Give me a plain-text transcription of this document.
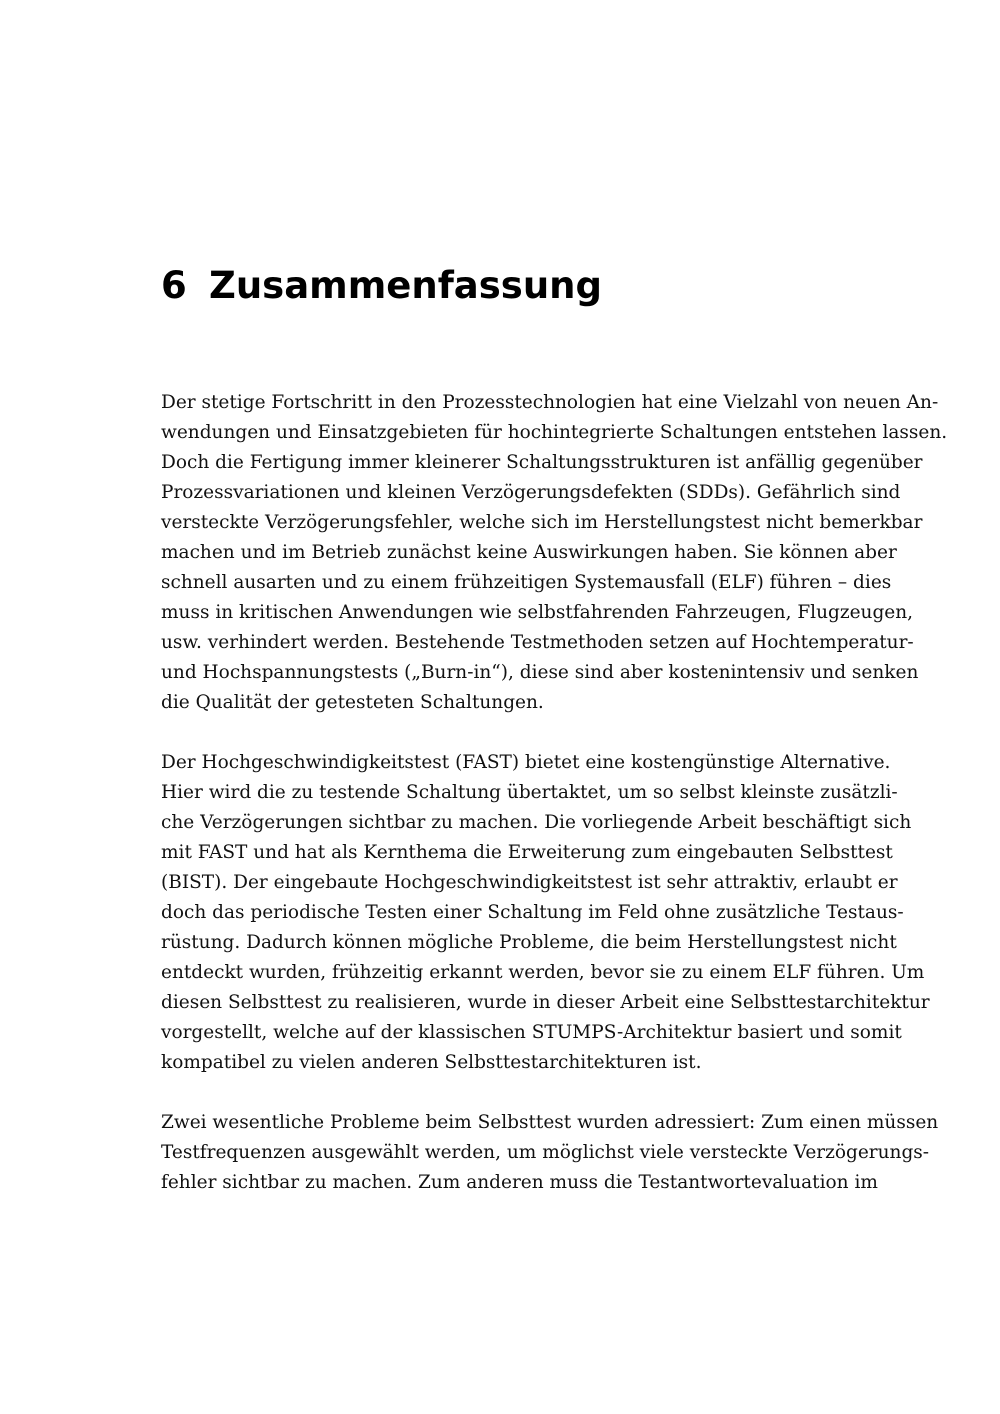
6 Zusammenfassung
Der stetige Fortschritt in den Prozesstechnologien hat eine Vielzahl von neuen An-
wendungen und Einsatzgebieten für hochintegrierte Schaltungen entstehen lassen.
Doch die Fertigung immer kleinerer Schaltungsstrukturen ist anfällig gegenüber
Prozessvariationen und kleinen Verzögerungsdefekten (SDDs). Gefährlich sind
versteckte Verzögerungsfehler, welche sich im Herstellungstest nicht bemerkbar
machen und im Betrieb zunächst keine Auswirkungen haben. Sie können aber
schnell ausarten und zu einem frühzeitigen Systemausfall (ELF) führen – dies
muss in kritischen Anwendungen wie selbstfahrenden Fahrzeugen, Flugzeugen,
usw. verhindert werden. Bestehende Testmethoden setzen auf Hochtemperatur-
und Hochspannungstests („Burn-in“), diese sind aber kostenintensiv und senken
die Qualität der getesteten Schaltungen.
Der Hochgeschwindigkeitstest (FAST) bietet eine kostengünstige Alternative.
Hier wird die zu testende Schaltung übertaktet, um so selbst kleinste zusätzli-
che Verzögerungen sichtbar zu machen. Die vorliegende Arbeit beschäftigt sich
mit FAST und hat als Kernthema die Erweiterung zum eingebauten Selbsttest
(BIST). Der eingebaute Hochgeschwindigkeitstest ist sehr attraktiv, erlaubt er
doch das periodische Testen einer Schaltung im Feld ohne zusätzliche Testaus-
rüstung. Dadurch können mögliche Probleme, die beim Herstellungstest nicht
entdeckt wurden, frühzeitig erkannt werden, bevor sie zu einem ELF führen. Um
diesen Selbsttest zu realisieren, wurde in dieser Arbeit eine Selbsttestarchitektur
vorgestellt, welche auf der klassischen STUMPS-Architektur basiert und somit
kompatibel zu vielen anderen Selbsttestarchitekturen ist.
Zwei wesentliche Probleme beim Selbsttest wurden adressiert: Zum einen müssen
Testfrequenzen ausgewählt werden, um möglichst viele versteckte Verzögerungs-
fehler sichtbar zu machen. Zum anderen muss die Testantwortevaluation im
